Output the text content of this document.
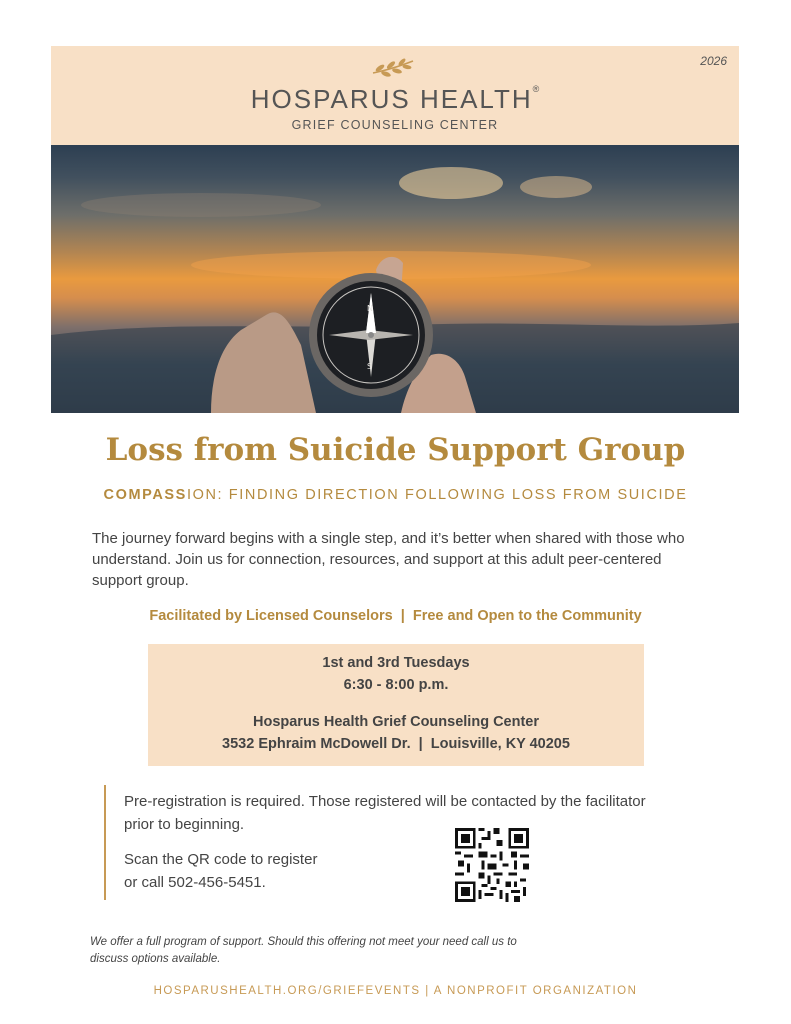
2026
HOSPARUS HEALTH®
GRIEF COUNSELING CENTER
N
S
Loss from Suicide Support Group
COMPASSION: FINDING DIRECTION FOLLOWING LOSS FROM SUICIDE
The journey forward begins with a single step, and it’s better when shared with those who understand. Join us for connection, resources, and support at this adult peer-centered support group.
Facilitated by Licensed Counselors  |  Free and Open to the Community
1st and 3rd Tuesdays
6:30 - 8:00 p.m.
Hosparus Health Grief Counseling Center
3532 Ephraim McDowell Dr.  |  Louisville, KY 40205
Pre-registration is required. Those registered will be contacted by the facilitator prior to beginning.
Scan the QR code to register
or call 502-456-5451.
We offer a full program of support. Should this offering not meet your need call us to discuss options available.
HOSPARUSHEALTH.ORG/GRIEFEVENTS | A NONPROFIT ORGANIZATION
